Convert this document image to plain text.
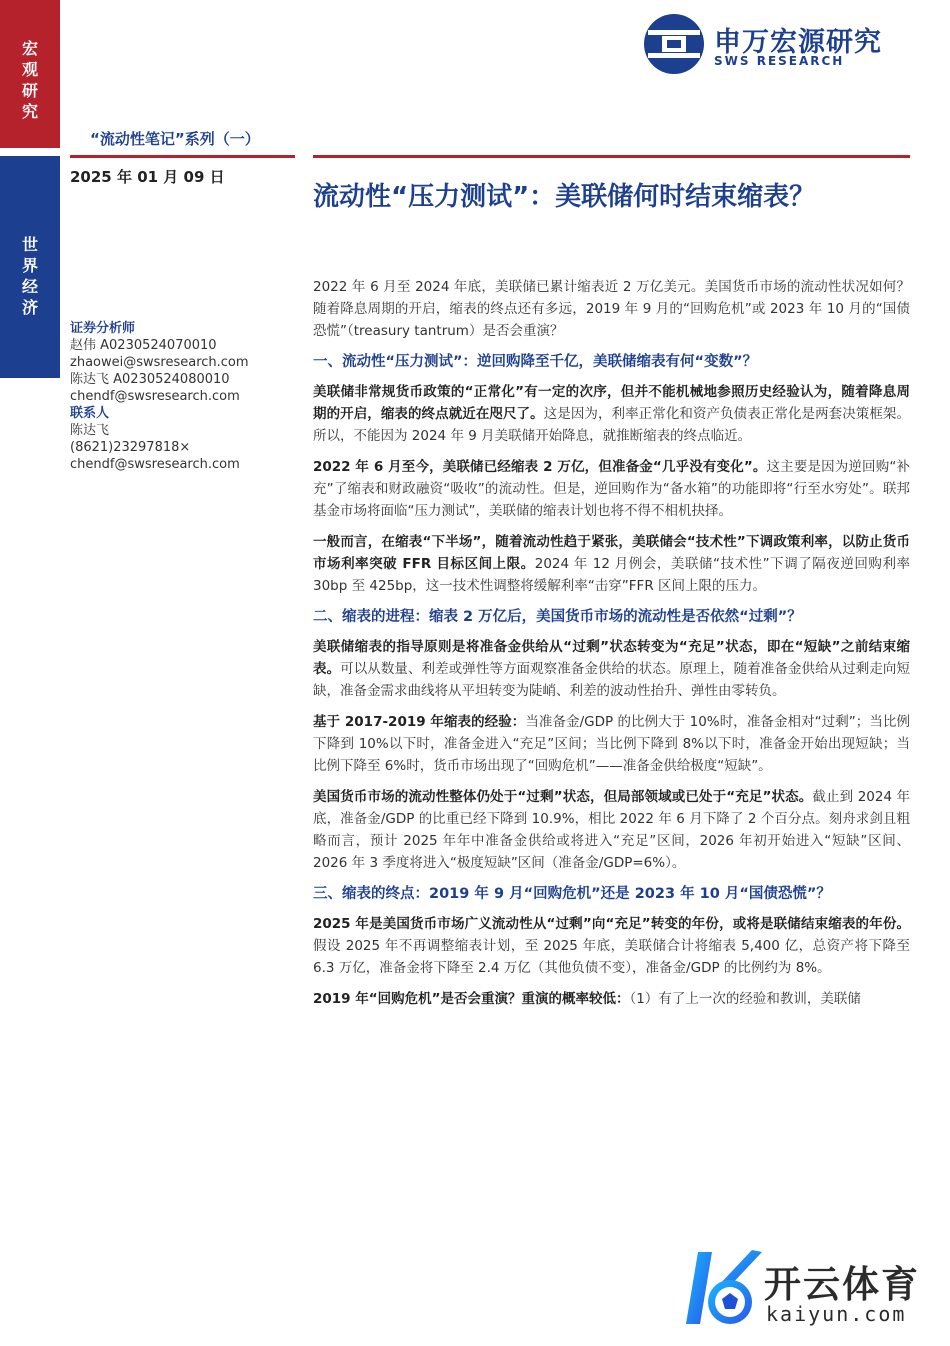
宏观研究
世界经济
申万宏源研究
SWS RESEARCH
“流动性笔记”系列（一）
2025 年 01 月 09 日
流动性“压力测试”：美联储何时结束缩表？

证券分析师

赵伟 A0230524070010

zhaowei@swsresearch.com

陈达飞 A0230524080010

chendf@swsresearch.com

联系人

陈达飞

(8621)23297818×

chendf@swsresearch.com

2022 年 6 月至 2024 年底，美联储已累计缩表近 2 万亿美元。美国货币市场的流动性状况如何？随着降息周期的开启，缩表的终点还有多远，2019 年 9 月的“回购危机”或 2023 年 10 月的“国债恐慌”（treasury tantrum）是否会重演？

一、流动性“压力测试”：逆回购降至千亿，美联储缩表有何“变数”？

美联储非常规货币政策的“正常化”有一定的次序，但并不能机械地参照历史经验认为，随着降息周期的开启，缩表的终点就近在咫尺了。这是因为，利率正常化和资产负债表正常化是两套决策框架。所以，不能因为 2024 年 9 月美联储开始降息，就推断缩表的终点临近。

2022 年 6 月至今，美联储已经缩表 2 万亿，但准备金“几乎没有变化”。这主要是因为逆回购“补充”了缩表和财政融资“吸收”的流动性。但是，逆回购作为“备水箱”的功能即将“行至水穷处”。联邦基金市场将面临“压力测试”，美联储的缩表计划也将不得不相机抉择。

一般而言，在缩表“下半场”，随着流动性趋于紧张，美联储会“技术性”下调政策利率，以防止货币市场利率突破 FFR 目标区间上限。2024 年 12 月例会，美联储“技术性”下调了隔夜逆回购利率 30bp 至 425bp，这一技术性调整将缓解利率“击穿”FFR 区间上限的压力。

二、缩表的进程：缩表 2 万亿后，美国货币市场的流动性是否依然“过剩”？

美联储缩表的指导原则是将准备金供给从“过剩”状态转变为“充足”状态，即在“短缺”之前结束缩表。可以从数量、利差或弹性等方面观察准备金供给的状态。原理上，随着准备金供给从过剩走向短缺，准备金需求曲线将从平坦转变为陡峭、利差的波动性抬升、弹性由零转负。

基于 2017-2019 年缩表的经验：当准备金/GDP 的比例大于 10%时，准备金相对“过剩”；当比例下降到 10%以下时，准备金进入“充足”区间；当比例下降到 8%以下时，准备金开始出现短缺；当比例下降至 6%时，货币市场出现了“回购危机”——准备金供给极度“短缺”。

美国货币市场的流动性整体仍处于“过剩”状态，但局部领域或已处于“充足”状态。截止到 2024 年底，准备金/GDP 的比重已经下降到 10.9%，相比 2022 年 6 月下降了 2 个百分点。刻舟求剑且粗略而言，预计 2025 年年中准备金供给或将进入“充足”区间，2026 年初开始进入“短缺”区间、2026 年 3 季度将进入“极度短缺”区间（准备金/GDP=6%）。

三、缩表的终点：2019 年 9 月“回购危机”还是 2023 年 10 月“国债恐慌”？

2025 年是美国货币市场广义流动性从“过剩”向“充足”转变的年份，或将是联储结束缩表的年份。假设 2025 年不再调整缩表计划，至 2025 年底，美联储合计将缩表 5,400 亿，总资产将下降至 6.3 万亿，准备金将下降至 2.4 万亿（其他负债不变），准备金/GDP 的比例约为 8%。

2019 年“回购危机”是否会重演？重演的概率较低：（1）有了上一次的经验和教训，美联储

开云体育
kaiyun.com
